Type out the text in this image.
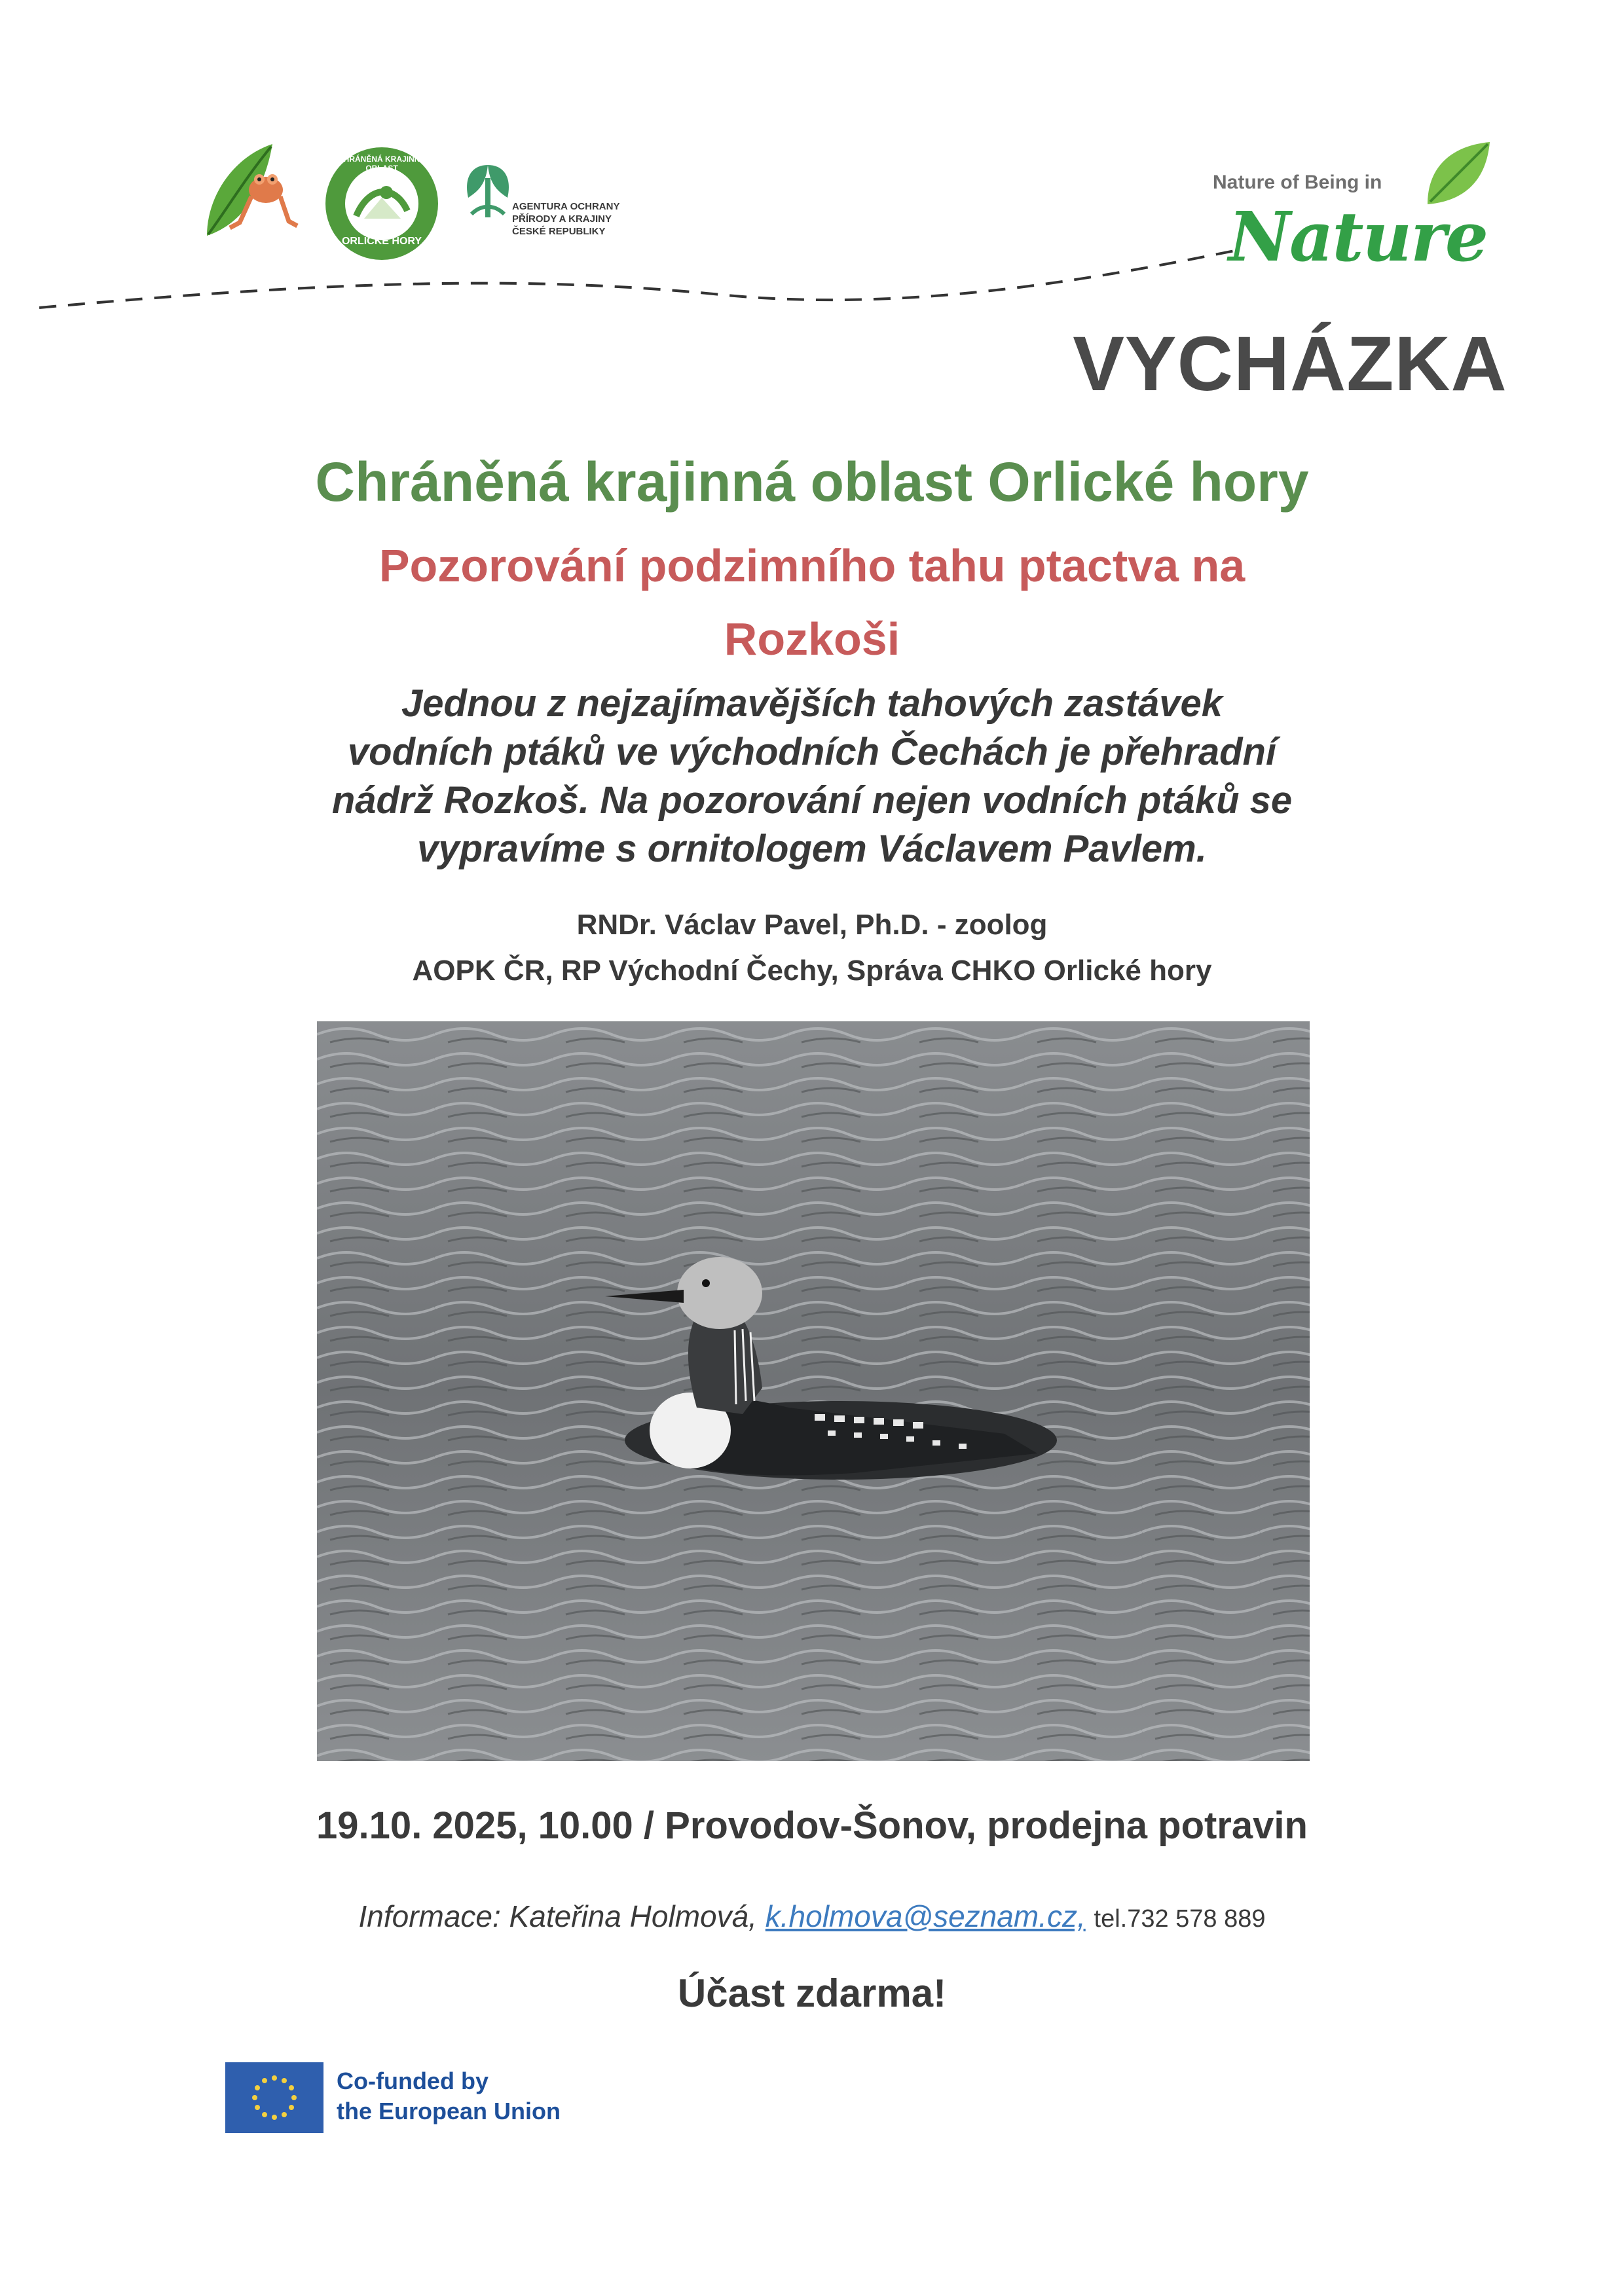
CHRÁNĚNÁ KRAJINNÁ OBLAST
ORLICKÉ HORY
AGENTURA OCHRANY
PŘÍRODY A KRAJINY
ČESKÉ REPUBLIKY
Nature of Being in
Nature
VYCHÁZKA
Chráněná krajinná oblast Orlické hory
Pozorování podzimního tahu ptactva na
Rozkoši
Jednou z nejzajímavějších tahových zastávek
vodních ptáků ve východních Čechách je přehradní
nádrž Rozkoš. Na pozorování nejen vodních ptáků se
vypravíme s ornitologem Václavem Pavlem.
RNDr. Václav Pavel, Ph.D. - zoolog
AOPK ČR, RP Východní Čechy, Správa CHKO Orlické hory
19.10. 2025, 10.00 / Provodov-Šonov, prodejna potravin
Informace: Kateřina Holmová, k.holmova@seznam.cz, tel.732 578 889
Účast zdarma!
Co-funded by
the European Union
